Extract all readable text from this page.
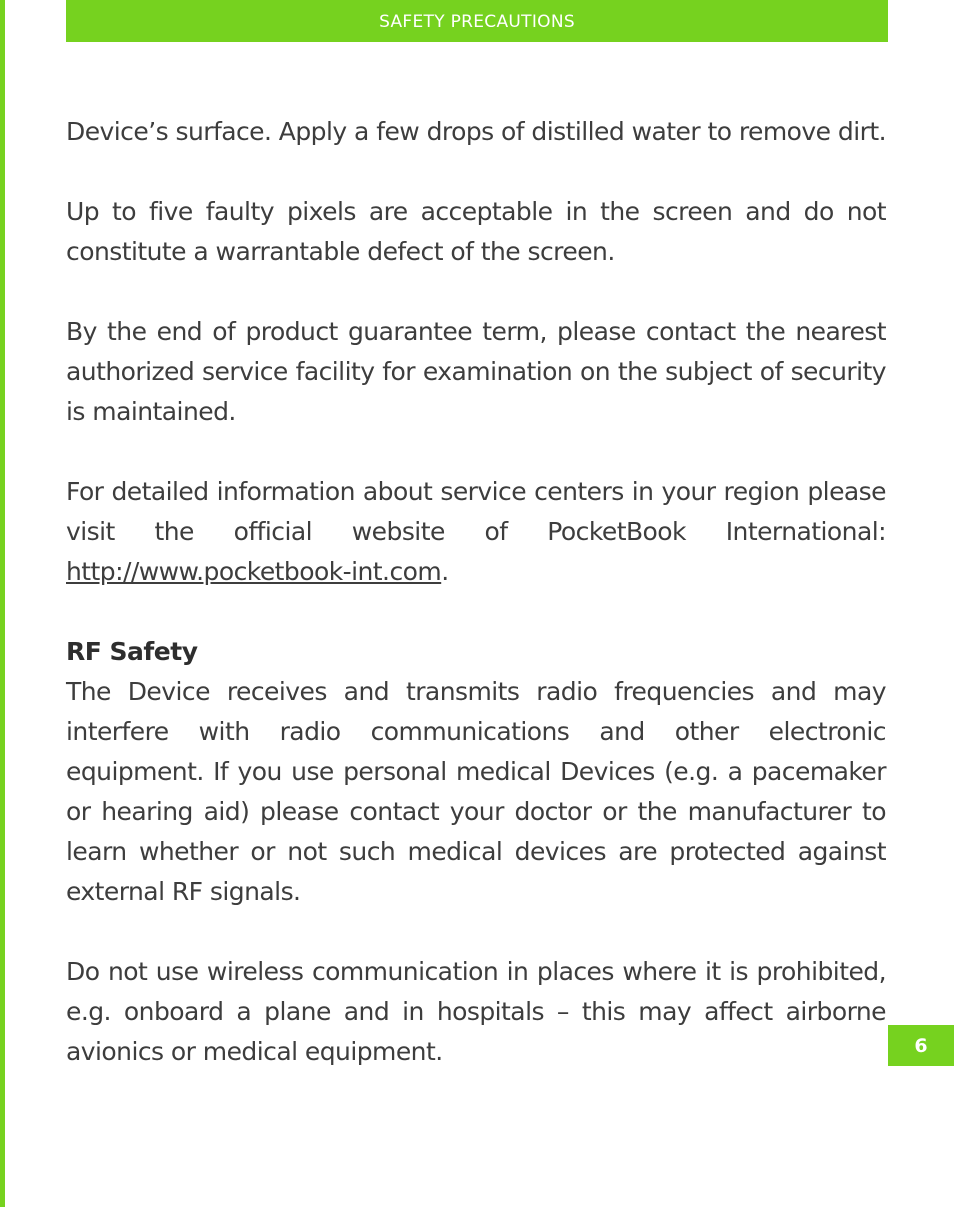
SAFETY PRECAUTIONS

Device’s surface. Apply a few drops of distilled water to remove dirt.

Up to five faulty pixels are acceptable in the screen and do not constitute a warrantable defect of the screen.

By the end of product guarantee term, please contact the nearest authorized service facility for examination on the subject of security is maintained.

For detailed information about service centers in your region please visit the official website of PocketBook International: http://www.pocketbook-int.com.

RF Safety

The Device receives and transmits radio frequencies and may interfere with radio communications and other electronic equipment. If you use personal medical Devices (e.g. a pacemaker or hearing aid) please contact your doctor or the manufacturer to learn whether or not such medical devices are protected against external RF signals.

Do not use wireless communication in places where it is prohibited, e.g. onboard a plane and in hospitals – this may affect airborne avionics or medical equipment.	6
